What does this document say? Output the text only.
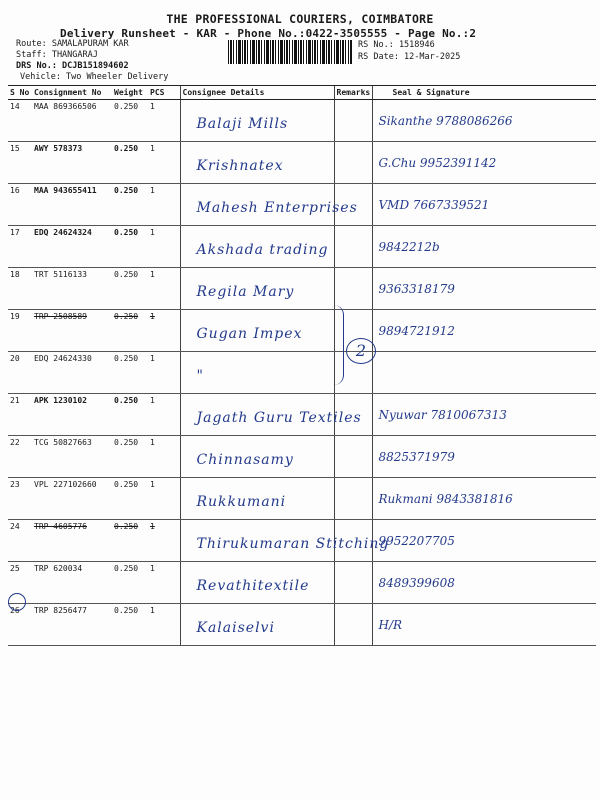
THE PROFESSIONAL COURIERS, COIMBATORE
Delivery Runsheet - KAR - Phone No.:0422-3505555 - Page No.:2
Route: SAMALAPURAM KAR
Staff: THANGARAJ
DRS No.: DCJB151894602
Vehicle: Two Wheeler Delivery
RS No.: 1518946
RS Date: 12-Mar-2025
S No	Consignment No	Weight	PCS	Consignee Details	Remarks	Seal & Signature
14	MAA 869366506	0.250	1	Balaji Mills		Sikanthe 9788086266

15	AWY 578373	0.250	1	Krishnatex		G.Chu 9952391142

16	MAA 943655411	0.250	1	Mahesh Enterprises		VMD 7667339521

17	EDQ 24624324	0.250	1	Akshada trading		9842212b

18	TRT 5116133	0.250	1	Regila Mary		9363318179

19	TRP 2508589	0.250	1	Gugan Impex		9894721912

20	EDQ 24624330	0.250	1	"		

21	APK 1230102	0.250	1	Jagath Guru Textiles		Nyuwar 7810067313

22	TCG 50827663	0.250	1	Chinnasamy		8825371979

23	VPL 227102660	0.250	1	Rukkumani		Rukmani 9843381816

24	TRP 4605776	0.250	1	Thirukumaran Stitching		9952207705

25	TRP 620034	0.250	1	Revathitextile		8489399608

26	TRP 8256477	0.250	1	Kalaiselvi		H/R
2
